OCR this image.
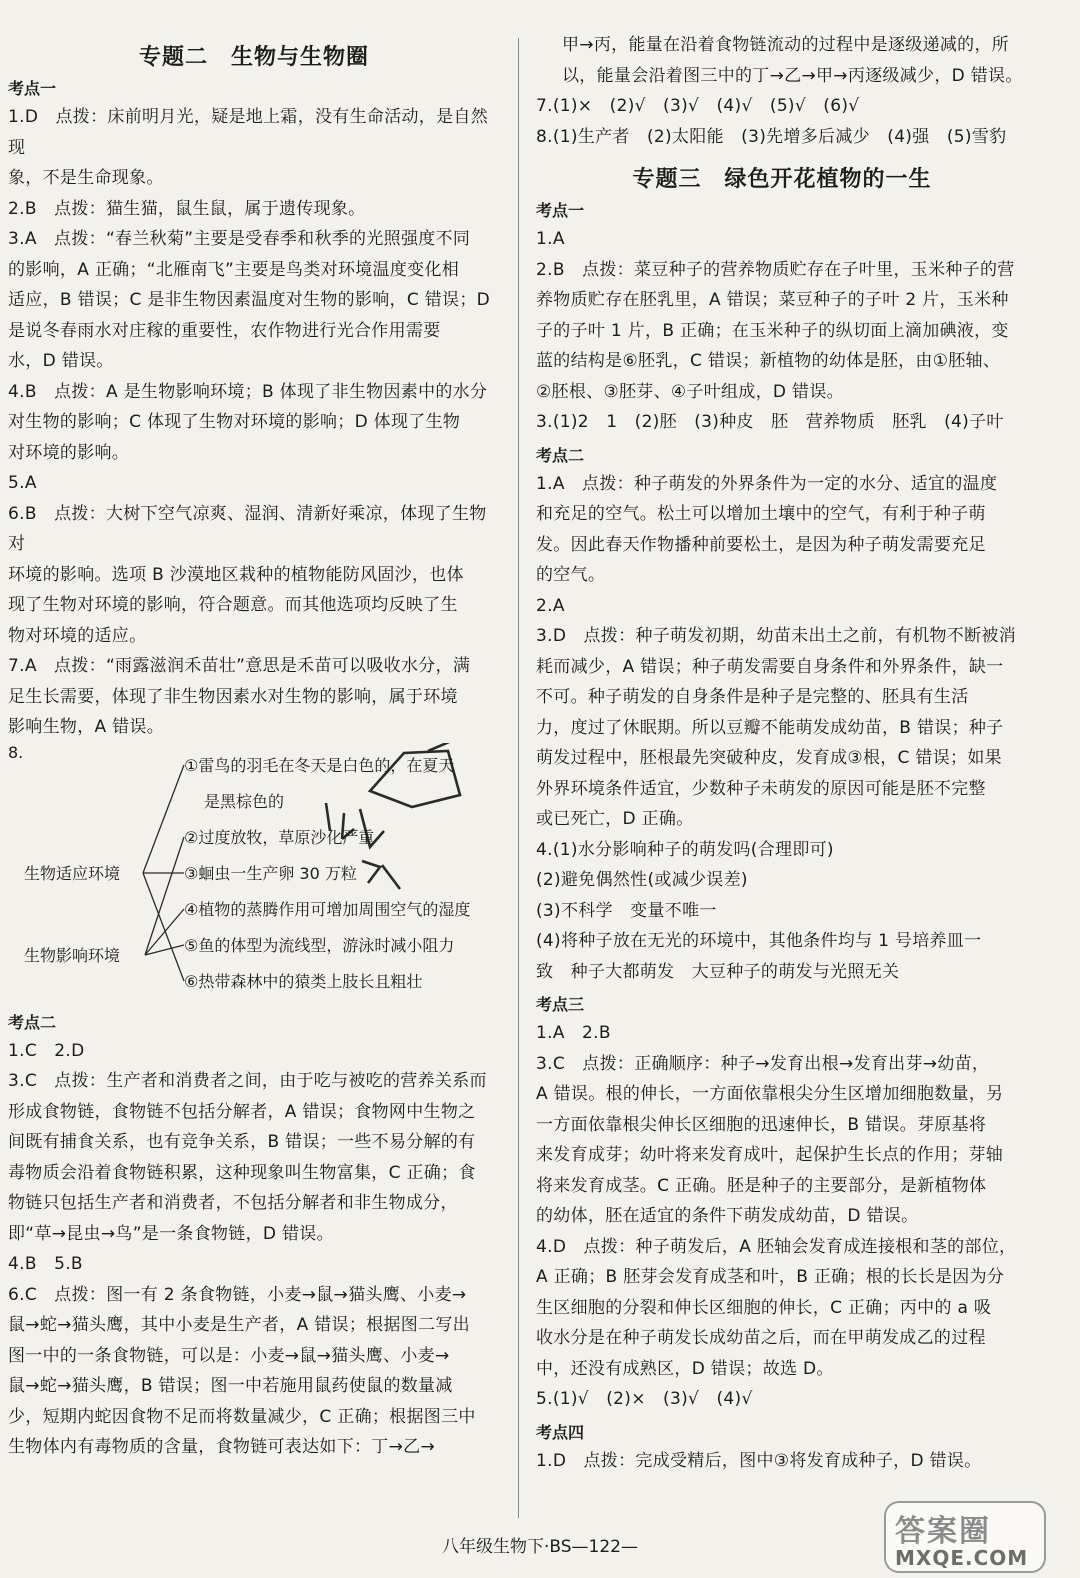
专题二　生物与生物圈
考点一

1.D　点拨：床前明月光，疑是地上霜，没有生命活动，是自然现

象，不是生命现象。

2.B　点拨：猫生猫，鼠生鼠，属于遗传现象。

3.A　点拨：“春兰秋菊”主要是受春季和秋季的光照强度不同

的影响，A 正确；“北雁南飞”主要是鸟类对环境温度变化相

适应，B 错误；C 是非生物因素温度对生物的影响，C 错误；D

是说冬春雨水对庄稼的重要性，农作物进行光合作用需要

水，D 错误。

4.B　点拨：A 是生物影响环境；B 体现了非生物因素中的水分

对生物的影响；C 体现了生物对环境的影响；D 体现了生物

对环境的影响。

5.A

6.B　点拨：大树下空气凉爽、湿润、清新好乘凉，体现了生物对

环境的影响。选项 B 沙漠地区栽种的植物能防风固沙，也体

现了生物对环境的影响，符合题意。而其他选项均反映了生

物对环境的适应。

7.A　点拨：“雨露滋润禾苗壮”意思是禾苗可以吸收水分，满

足生长需要，体现了非生物因素水对生物的影响，属于环境

影响生物，A 错误。

8.
生物适应环境
生物影响环境
①雷鸟的羽毛在冬天是白色的，在夏天
是黑棕色的
②过度放牧，草原沙化严重
③蛔虫一生产卵 30 万粒
④植物的蒸腾作用可增加周围空气的湿度
⑤鱼的体型为流线型，游泳时减小阻力
⑥热带森林中的猿类上肢长且粗壮
考点二

1.C　2.D

3.C　点拨：生产者和消费者之间，由于吃与被吃的营养关系而

形成食物链，食物链不包括分解者，A 错误；食物网中生物之

间既有捕食关系，也有竞争关系，B 错误；一些不易分解的有

毒物质会沿着食物链积累，这种现象叫生物富集，C 正确；食

物链只包括生产者和消费者，不包括分解者和非生物成分，

即“草→昆虫→鸟”是一条食物链，D 错误。

4.B　5.B

6.C　点拨：图一有 2 条食物链，小麦→鼠→猫头鹰、小麦→

鼠→蛇→猫头鹰，其中小麦是生产者，A 错误；根据图二写出

图一中的一条食物链，可以是：小麦→鼠→猫头鹰、小麦→

鼠→蛇→猫头鹰，B 错误；图一中若施用鼠药使鼠的数量减

少，短期内蛇因食物不足而将数量减少，C 正确；根据图三中

生物体内有毒物质的含量，食物链可表达如下：丁→乙→

甲→丙，能量在沿着食物链流动的过程中是逐级递减的，所

以，能量会沿着图三中的丁→乙→甲→丙逐级减少，D 错误。

7.(1)×　(2)√　(3)√　(4)√　(5)√　(6)√

8.(1)生产者　(2)太阳能　(3)先增多后减少　(4)强　(5)雪豹

专题三　绿色开花植物的一生
考点一

1.A

2.B　点拨：菜豆种子的营养物质贮存在子叶里，玉米种子的营

养物质贮存在胚乳里，A 错误；菜豆种子的子叶 2 片，玉米种

子的子叶 1 片，B 正确；在玉米种子的纵切面上滴加碘液，变

蓝的结构是⑥胚乳，C 错误；新植物的幼体是胚，由①胚轴、

②胚根、③胚芽、④子叶组成，D 错误。

3.(1)2　1　(2)胚　(3)种皮　胚　营养物质　胚乳　(4)子叶

考点二

1.A　点拨：种子萌发的外界条件为一定的水分、适宜的温度

和充足的空气。松土可以增加土壤中的空气，有利于种子萌

发。因此春天作物播种前要松土，是因为种子萌发需要充足

的空气。

2.A

3.D　点拨：种子萌发初期，幼苗未出土之前，有机物不断被消

耗而减少，A 错误；种子萌发需要自身条件和外界条件，缺一

不可。种子萌发的自身条件是种子是完整的、胚具有生活

力，度过了休眠期。所以豆瓣不能萌发成幼苗，B 错误；种子

萌发过程中，胚根最先突破种皮，发育成③根，C 错误；如果

外界环境条件适宜，少数种子未萌发的原因可能是胚不完整

或已死亡，D 正确。

4.(1)水分影响种子的萌发吗(合理即可)

(2)避免偶然性(或减少误差)

(3)不科学　变量不唯一

(4)将种子放在无光的环境中，其他条件均与 1 号培养皿一

致　种子大都萌发　大豆种子的萌发与光照无关

考点三

1.A　2.B

3.C　点拨：正确顺序：种子→发育出根→发育出芽→幼苗，

A 错误。根的伸长，一方面依靠根尖分生区增加细胞数量，另

一方面依靠根尖伸长区细胞的迅速伸长，B 错误。芽原基将

来发育成芽；幼叶将来发育成叶，起保护生长点的作用；芽轴

将来发育成茎。C 正确。胚是种子的主要部分，是新植物体

的幼体，胚在适宜的条件下萌发成幼苗，D 错误。

4.D　点拨：种子萌发后，A 胚轴会发育成连接根和茎的部位，

A 正确；B 胚芽会发育成茎和叶，B 正确；根的长长是因为分

生区细胞的分裂和伸长区细胞的伸长，C 正确；丙中的 a 吸

收水分是在种子萌发长成幼苗之后，而在甲萌发成乙的过程

中，还没有成熟区，D 错误；故选 D。

5.(1)√　(2)×　(3)√　(4)√

考点四

1.D　点拨：完成受精后，图中③将发育成种子，D 错误。

八年级生物下·BS—122—	答案圈
MXQE.COM
